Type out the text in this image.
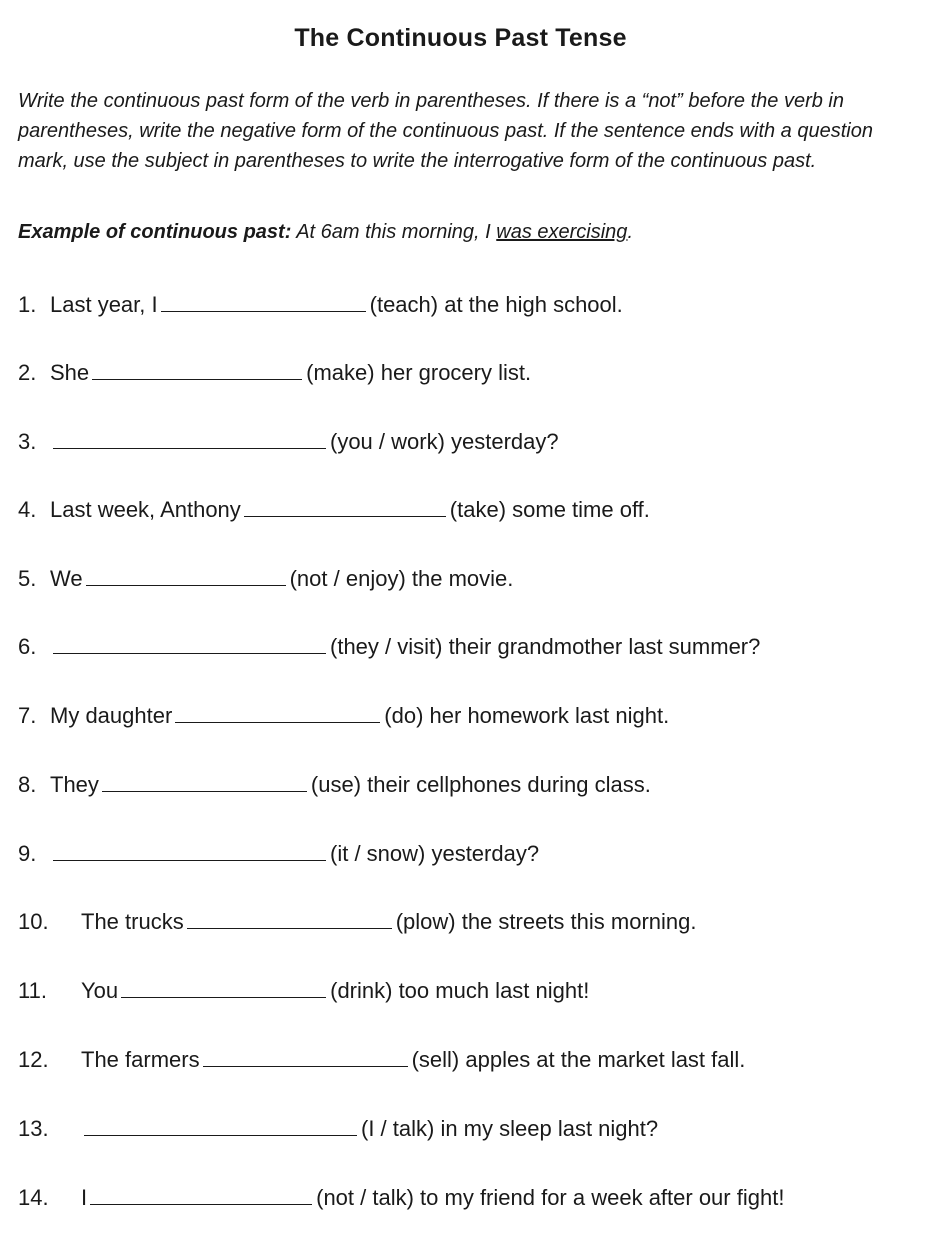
The Continuous Past Tense
Write the continuous past form of the verb in parentheses. If there is a “not” before the verb in parentheses, write the negative form of the continuous past. If the sentence ends with a question mark, use the subject in parentheses to write the interrogative form of the continuous past.
Example of continuous past: At 6am this morning, I was exercising.
1. Last year, I	(teach) at the high school.
2. She	(make) her grocery list.
3.	(you / work) yesterday?
4. Last week, Anthony	(take) some time off.
5. We	(not / enjoy) the movie.
6.	(they / visit) their grandmother last summer?
7. My daughter	(do) her homework last night.
8. They	(use) their cellphones during class.
9.	(it / snow) yesterday?
10. The trucks	(plow) the streets this morning.
11. You	(drink) too much last night!
12. The farmers	(sell) apples at the market last fall.
13.	(I / talk) in my sleep last night?
14. I	(not / talk) to my friend for a week after our fight!
